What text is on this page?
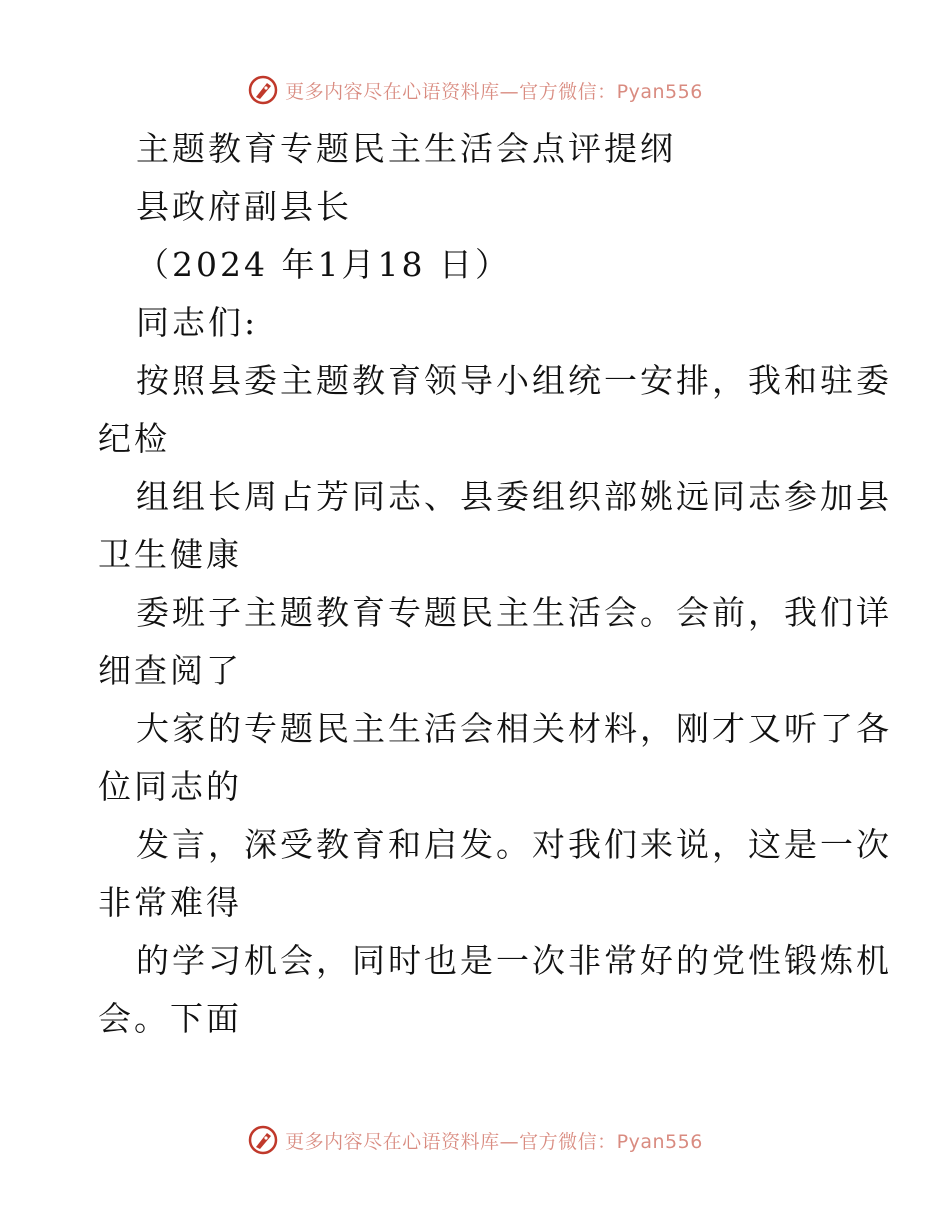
更多内容尽在心语资料库—官方微信：Pyan556
主题教育专题民主生活会点评提纲
县政府副县长
（2024 年1月18 日）
同志们:
按照县委主题教育领导小组统一安排，我和驻委
纪检
组组长周占芳同志、县委组织部姚远同志参加县
卫生健康
委班子主题教育专题民主生活会。会前，我们详
细查阅了
大家的专题民主生活会相关材料，刚才又听了各
位同志的
发言，深受教育和启发。对我们来说，这是一次
非常难得
的学习机会，同时也是一次非常好的党性锻炼机
会。下面
更多内容尽在心语资料库—官方微信：Pyan556
